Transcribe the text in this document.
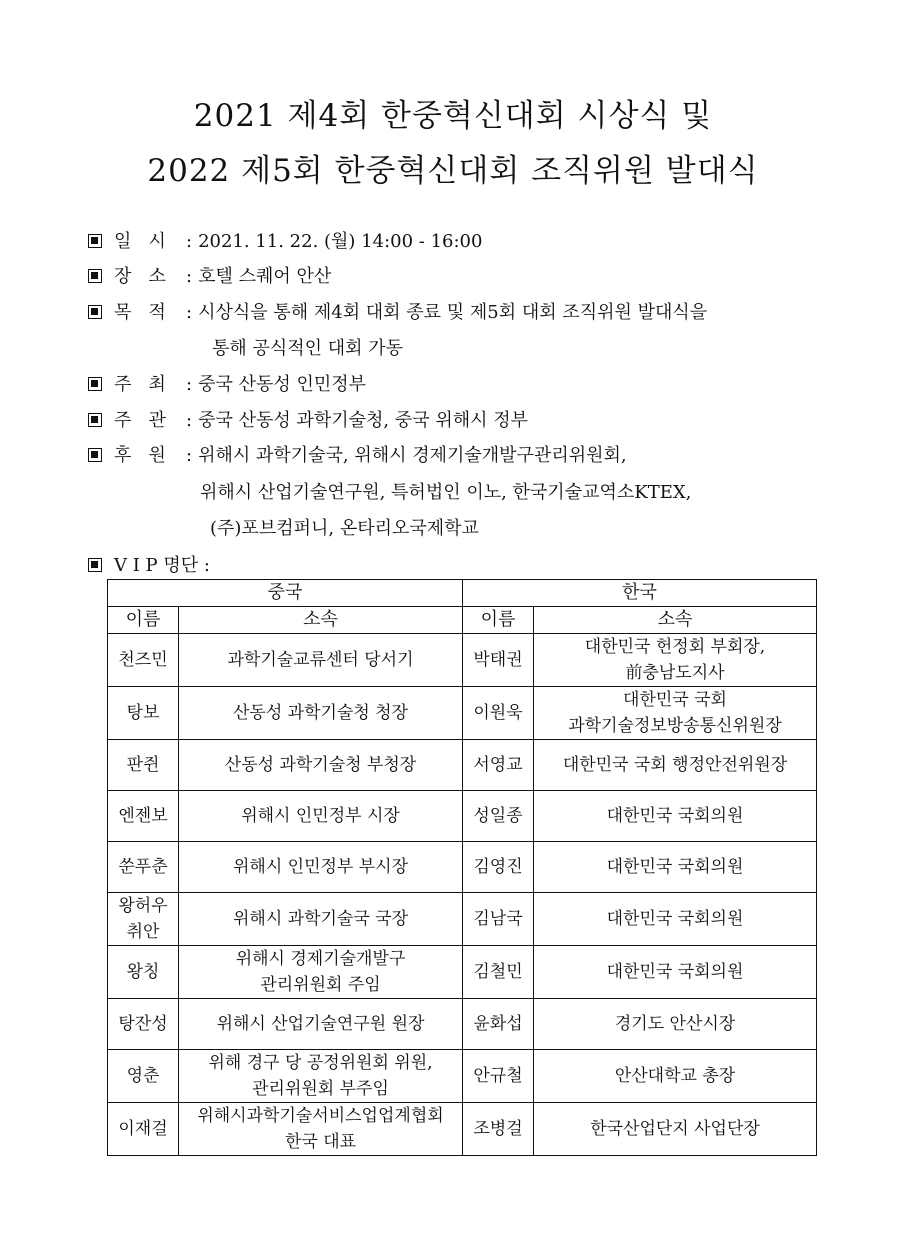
2021 제4회 한중혁신대회 시상식 및
2022 제5회 한중혁신대회 조직위원 발대식
일   시 : 2021. 11. 22. (월) 14:00 - 16:00
장   소 : 호텔 스퀘어 안산
목   적 : 시상식을 통해 제4회 대회 종료 및 제5회 대회 조직위원 발대식을
통해 공식적인 대회 가동
주   최 : 중국 산동성 인민정부
주   관 : 중국 산동성 과학기술청, 중국 위해시 정부
후   원 : 위해시 과학기술국, 위해시 경제기술개발구관리위원회,
위해시 산업기술연구원, 특허법인 이노, 한국기술교역소KTEX,
(주)포브컴퍼니, 온타리오국제학교
V I P 명단 :
중국		한국	
이름	소속	이름	소속
천즈민	과학기술교류센터 당서기	박태권	대한민국 헌정회 부회장,
前충남도지사
탕보	산동성 과학기술청 청장	이원욱	대한민국 국회
과학기술정보방송통신위원장
판쥔	산동성 과학기술청 부청장	서영교	대한민국 국회 행정안전위원장
엔젠보	위해시 인민정부 시장	성일종	대한민국 국회의원
쑨푸춘	위해시 인민정부 부시장	김영진	대한민국 국회의원
왕허우
취안	위해시 과학기술국 국장	김남국	대한민국 국회의원
왕칭	위해시 경제기술개발구
관리위원회 주임	김철민	대한민국 국회의원
탕잔성	위해시 산업기술연구원 원장	윤화섭	경기도 안산시장
영춘	위해 경구 당 공정위원회 위원,
관리위원회 부주임	안규철	안산대학교 총장
이재걸	위해시과학기술서비스업업계협회
한국 대표	조병걸	한국산업단지 사업단장
